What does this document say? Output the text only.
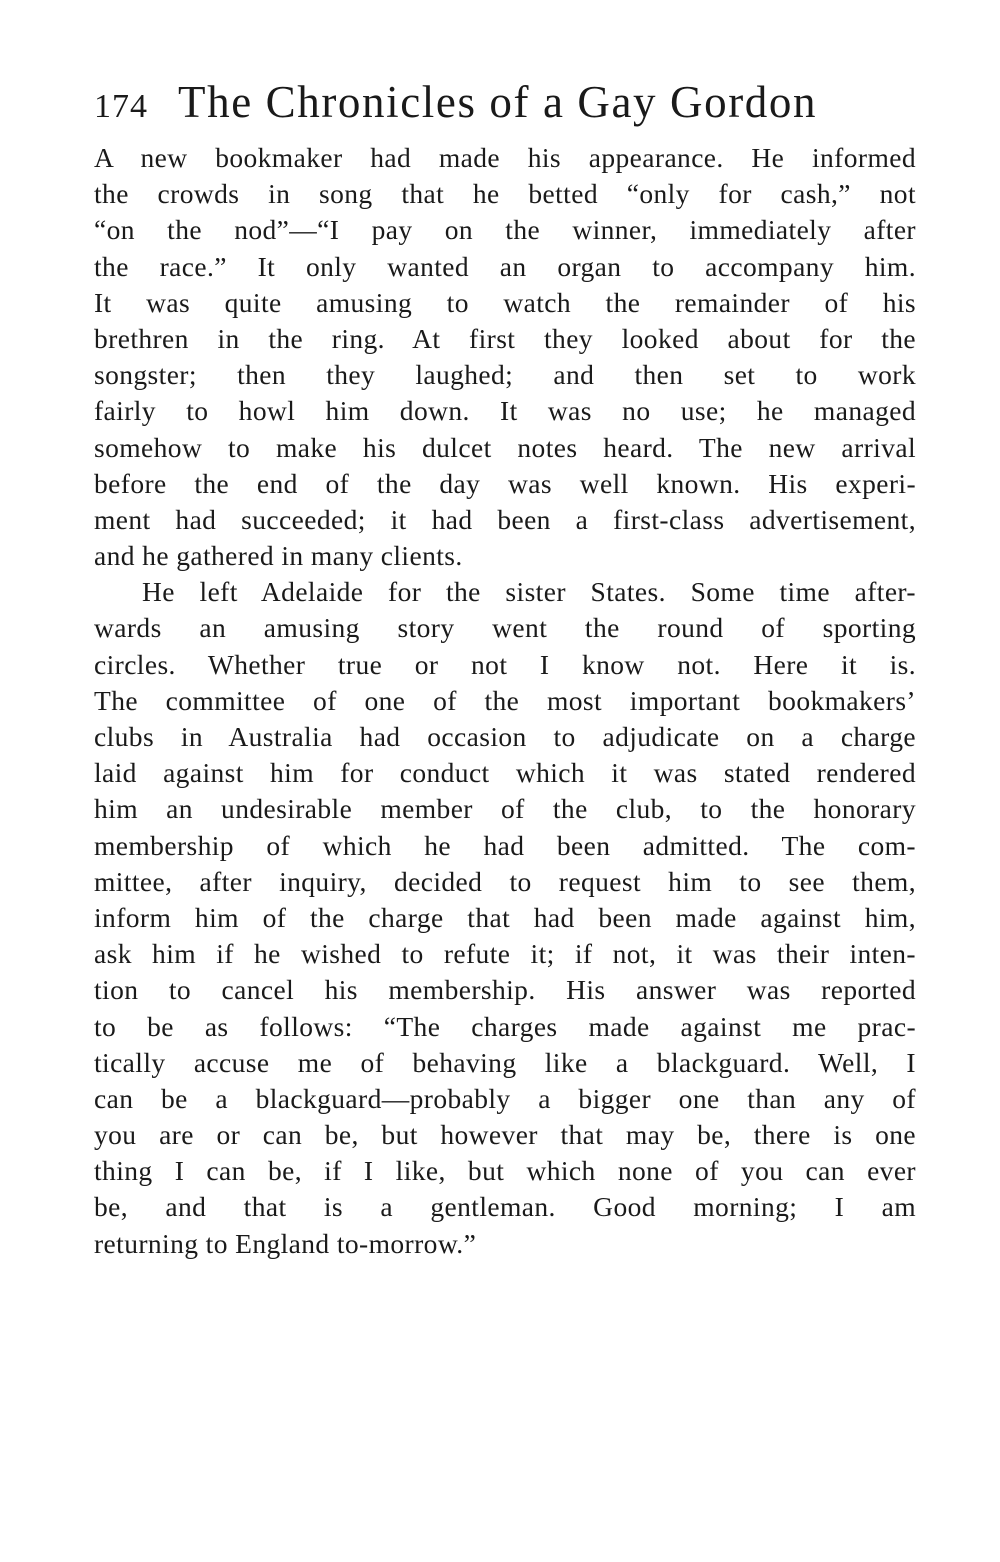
174 The Chronicles of a Gay Gordon
A new bookmaker had made his appearance. He informed
the crowds in song that he betted “only for cash,” not
“on the nod”—“I pay on the winner, immediately after
the race.” It only wanted an organ to accompany him.
It was quite amusing to watch the remainder of his
brethren in the ring. At first they looked about for the
songster; then they laughed; and then set to work
fairly to howl him down. It was no use; he managed
somehow to make his dulcet notes heard. The new arrival
before the end of the day was well known. His experi-
ment had succeeded; it had been a first-class advertisement,
and he gathered in many clients.
He left Adelaide for the sister States. Some time after-
wards an amusing story went the round of sporting
circles. Whether true or not I know not. Here it is.
The committee of one of the most important bookmakers’
clubs in Australia had occasion to adjudicate on a charge
laid against him for conduct which it was stated rendered
him an undesirable member of the club, to the honorary
membership of which he had been admitted. The com-
mittee, after inquiry, decided to request him to see them,
inform him of the charge that had been made against him,
ask him if he wished to refute it; if not, it was their inten-
tion to cancel his membership. His answer was reported
to be as follows: “The charges made against me prac-
tically accuse me of behaving like a blackguard. Well, I
can be a blackguard—probably a bigger one than any of
you are or can be, but however that may be, there is one
thing I can be, if I like, but which none of you can ever
be, and that is a gentleman. Good morning; I am
returning to England to-morrow.”
